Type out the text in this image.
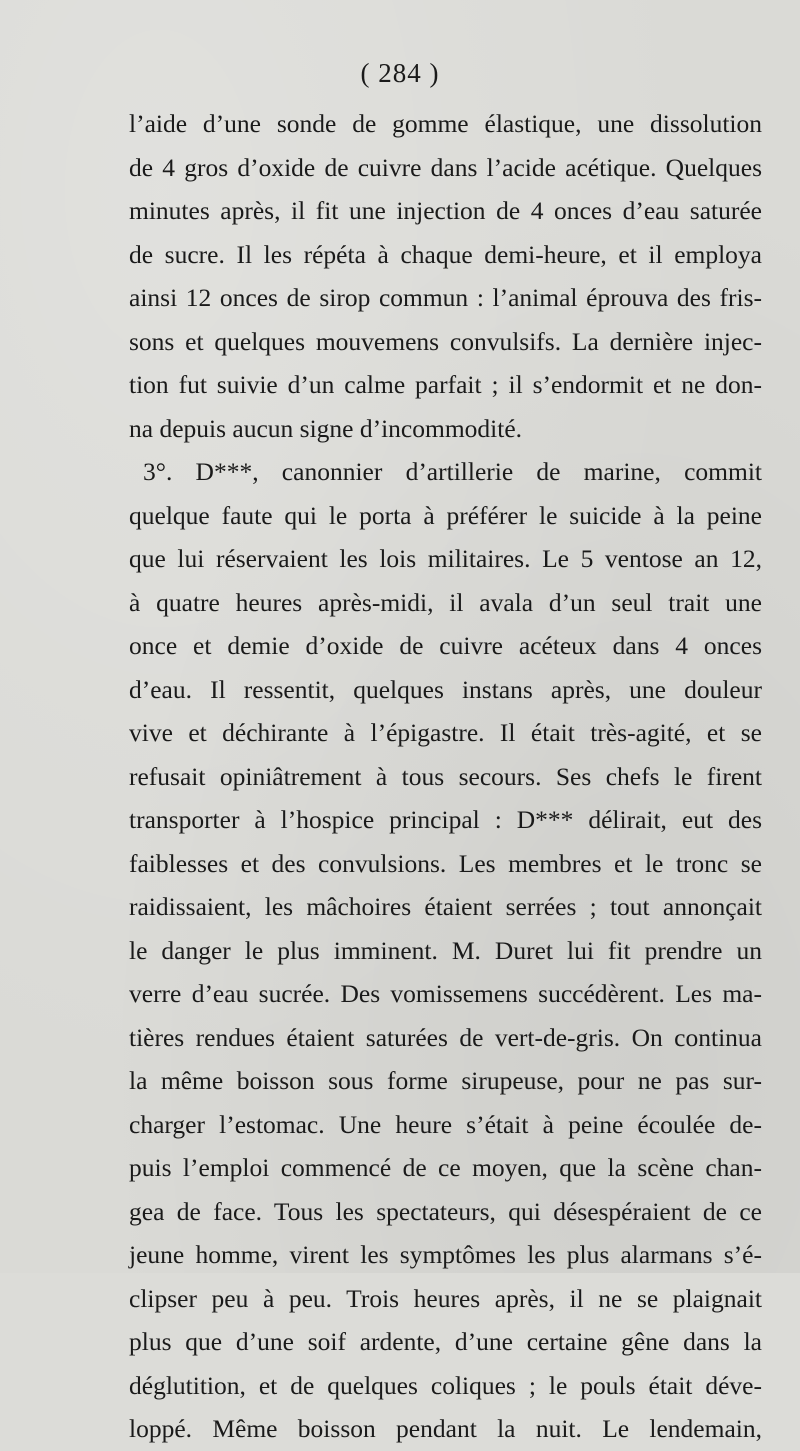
( 284 )
l’aide d’une sonde de gomme élastique, une dissolution
de 4 gros d’oxide de cuivre dans l’acide acétique. Quelques
minutes après, il fit une injection de 4 onces d’eau saturée
de sucre. Il les répéta à chaque demi-heure, et il employa
ainsi 12 onces de sirop commun : l’animal éprouva des fris-
sons et quelques mouvemens convulsifs. La dernière injec-
tion fut suivie d’un calme parfait ; il s’endormit et ne don-
na depuis aucun signe d’incommodité.
3°. D***, canonnier d’artillerie de marine, commit
quelque faute qui le porta à préférer le suicide à la peine
que lui réservaient les lois militaires. Le 5 ventose an 12,
à quatre heures après-midi, il avala d’un seul trait une
once et demie d’oxide de cuivre acéteux dans 4 onces
d’eau. Il ressentit, quelques instans après, une douleur
vive et déchirante à l’épigastre. Il était très-agité, et se
refusait opiniâtrement à tous secours. Ses chefs le firent
transporter à l’hospice principal : D*** délirait, eut des
faiblesses et des convulsions. Les membres et le tronc se
raidissaient, les mâchoires étaient serrées ; tout annonçait
le danger le plus imminent. M. Duret lui fit prendre un
verre d’eau sucrée. Des vomissemens succédèrent. Les ma-
tières rendues étaient saturées de vert-de-gris. On continua
la même boisson sous forme sirupeuse, pour ne pas sur-
charger l’estomac. Une heure s’était à peine écoulée de-
puis l’emploi commencé de ce moyen, que la scène chan-
gea de face. Tous les spectateurs, qui désespéraient de ce
jeune homme, virent les symptômes les plus alarmans s’é-
clipser peu à peu. Trois heures après, il ne se plaignait
plus que d’une soif ardente, d’une certaine gêne dans la
déglutition, et de quelques coliques ; le pouls était déve-
loppé. Même boisson pendant la nuit. Le lendemain,
